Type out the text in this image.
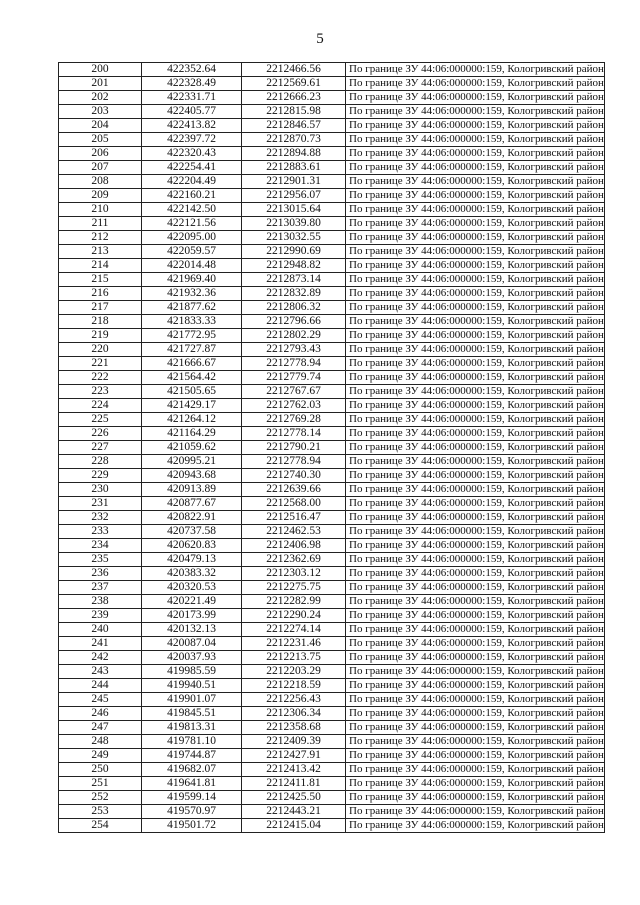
5
200	422352.64	2212466.56	По границе ЗУ 44:06:000000:159, Кологривский район
201	422328.49	2212569.61	По границе ЗУ 44:06:000000:159, Кологривский район
202	422331.71	2212666.23	По границе ЗУ 44:06:000000:159, Кологривский район
203	422405.77	2212815.98	По границе ЗУ 44:06:000000:159, Кологривский район
204	422413.82	2212846.57	По границе ЗУ 44:06:000000:159, Кологривский район
205	422397.72	2212870.73	По границе ЗУ 44:06:000000:159, Кологривский район
206	422320.43	2212894.88	По границе ЗУ 44:06:000000:159, Кологривский район
207	422254.41	2212883.61	По границе ЗУ 44:06:000000:159, Кологривский район
208	422204.49	2212901.31	По границе ЗУ 44:06:000000:159, Кологривский район
209	422160.21	2212956.07	По границе ЗУ 44:06:000000:159, Кологривский район
210	422142.50	2213015.64	По границе ЗУ 44:06:000000:159, Кологривский район
211	422121.56	2213039.80	По границе ЗУ 44:06:000000:159, Кологривский район
212	422095.00	2213032.55	По границе ЗУ 44:06:000000:159, Кологривский район
213	422059.57	2212990.69	По границе ЗУ 44:06:000000:159, Кологривский район
214	422014.48	2212948.82	По границе ЗУ 44:06:000000:159, Кологривский район
215	421969.40	2212873.14	По границе ЗУ 44:06:000000:159, Кологривский район
216	421932.36	2212832.89	По границе ЗУ 44:06:000000:159, Кологривский район
217	421877.62	2212806.32	По границе ЗУ 44:06:000000:159, Кологривский район
218	421833.33	2212796.66	По границе ЗУ 44:06:000000:159, Кологривский район
219	421772.95	2212802.29	По границе ЗУ 44:06:000000:159, Кологривский район
220	421727.87	2212793.43	По границе ЗУ 44:06:000000:159, Кологривский район
221	421666.67	2212778.94	По границе ЗУ 44:06:000000:159, Кологривский район
222	421564.42	2212779.74	По границе ЗУ 44:06:000000:159, Кологривский район
223	421505.65	2212767.67	По границе ЗУ 44:06:000000:159, Кологривский район
224	421429.17	2212762.03	По границе ЗУ 44:06:000000:159, Кологривский район
225	421264.12	2212769.28	По границе ЗУ 44:06:000000:159, Кологривский район
226	421164.29	2212778.14	По границе ЗУ 44:06:000000:159, Кологривский район
227	421059.62	2212790.21	По границе ЗУ 44:06:000000:159, Кологривский район
228	420995.21	2212778.94	По границе ЗУ 44:06:000000:159, Кологривский район
229	420943.68	2212740.30	По границе ЗУ 44:06:000000:159, Кологривский район
230	420913.89	2212639.66	По границе ЗУ 44:06:000000:159, Кологривский район
231	420877.67	2212568.00	По границе ЗУ 44:06:000000:159, Кологривский район
232	420822.91	2212516.47	По границе ЗУ 44:06:000000:159, Кологривский район
233	420737.58	2212462.53	По границе ЗУ 44:06:000000:159, Кологривский район
234	420620.83	2212406.98	По границе ЗУ 44:06:000000:159, Кологривский район
235	420479.13	2212362.69	По границе ЗУ 44:06:000000:159, Кологривский район
236	420383.32	2212303.12	По границе ЗУ 44:06:000000:159, Кологривский район
237	420320.53	2212275.75	По границе ЗУ 44:06:000000:159, Кологривский район
238	420221.49	2212282.99	По границе ЗУ 44:06:000000:159, Кологривский район
239	420173.99	2212290.24	По границе ЗУ 44:06:000000:159, Кологривский район
240	420132.13	2212274.14	По границе ЗУ 44:06:000000:159, Кологривский район
241	420087.04	2212231.46	По границе ЗУ 44:06:000000:159, Кологривский район
242	420037.93	2212213.75	По границе ЗУ 44:06:000000:159, Кологривский район
243	419985.59	2212203.29	По границе ЗУ 44:06:000000:159, Кологривский район
244	419940.51	2212218.59	По границе ЗУ 44:06:000000:159, Кологривский район
245	419901.07	2212256.43	По границе ЗУ 44:06:000000:159, Кологривский район
246	419845.51	2212306.34	По границе ЗУ 44:06:000000:159, Кологривский район
247	419813.31	2212358.68	По границе ЗУ 44:06:000000:159, Кологривский район
248	419781.10	2212409.39	По границе ЗУ 44:06:000000:159, Кологривский район
249	419744.87	2212427.91	По границе ЗУ 44:06:000000:159, Кологривский район
250	419682.07	2212413.42	По границе ЗУ 44:06:000000:159, Кологривский район
251	419641.81	2212411.81	По границе ЗУ 44:06:000000:159, Кологривский район
252	419599.14	2212425.50	По границе ЗУ 44:06:000000:159, Кологривский район
253	419570.97	2212443.21	По границе ЗУ 44:06:000000:159, Кологривский район
254	419501.72	2212415.04	По границе ЗУ 44:06:000000:159, Кологривский район
